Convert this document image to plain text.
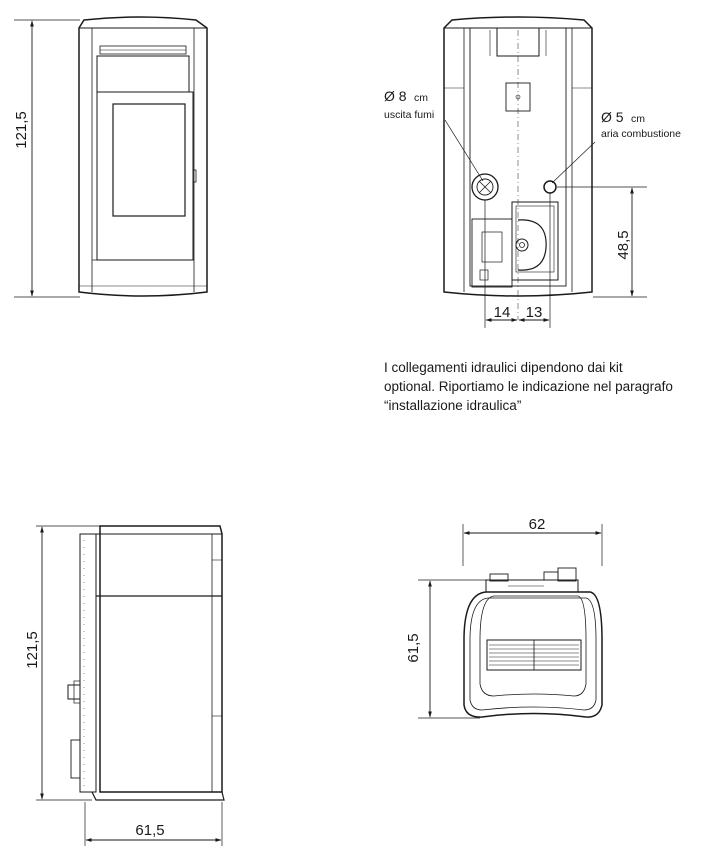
121,5
Ø 8 cm
uscita fumi	Ø 5 cm
aria combustione
48,5
14 13
121,5
61,5
62
61,5
I collegamenti idraulici dipendono dai kit
optional. Riportiamo le indicazione nel paragrafo
“installazione idraulica”
